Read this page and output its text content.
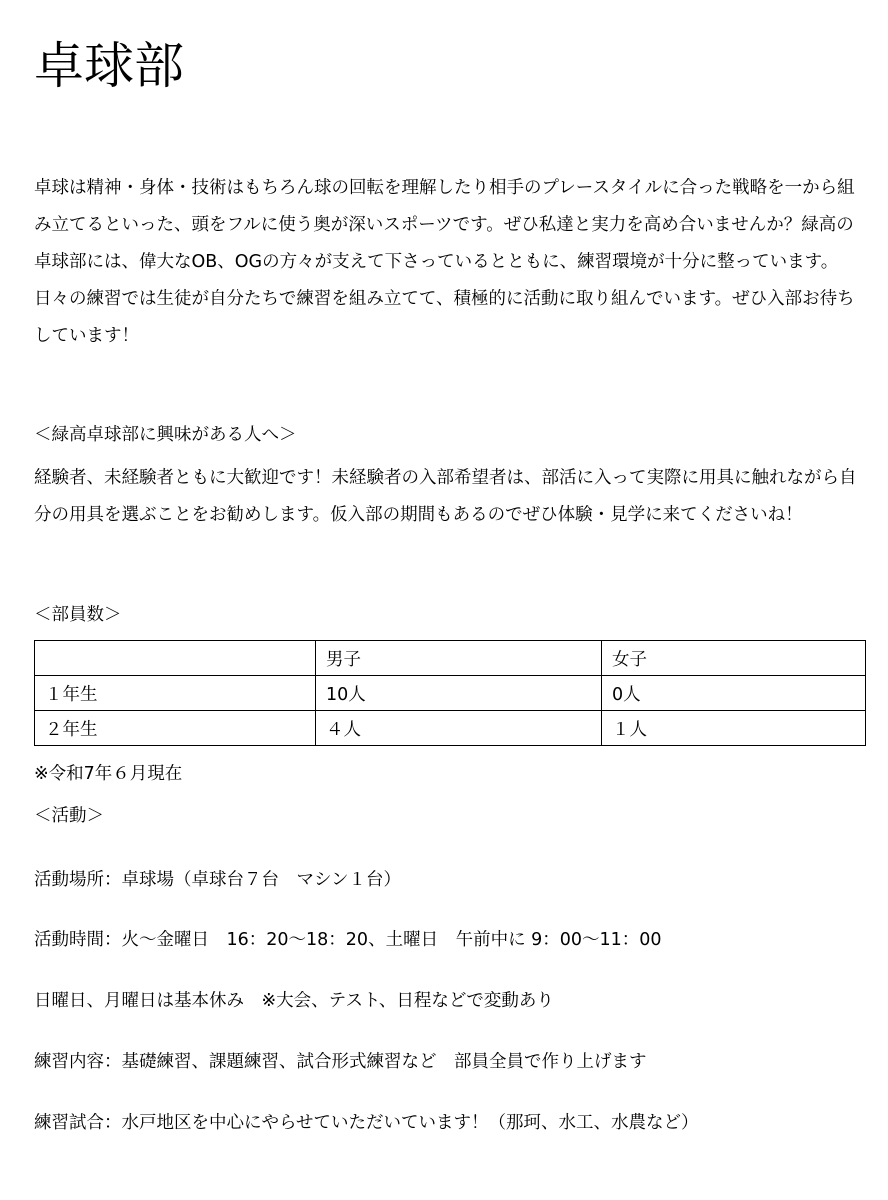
卓球部

卓球は精神・身体・技術はもちろん球の回転を理解したり相手のプレースタイルに合った戦略を一から組み立てるといった、頭をフルに使う奥が深いスポーツです。ぜひ私達と実力を高め合いませんか？緑高の卓球部には、偉大なOB、OGの方々が支えて下さっているとともに、練習環境が十分に整っています。日々の練習では生徒が自分たちで練習を組み立てて、積極的に活動に取り組んでいます。ぜひ入部お待ちしています！

＜緑高卓球部に興味がある人へ＞

経験者、未経験者ともに大歓迎です！未経験者の入部希望者は、部活に入って実際に用具に触れながら自分の用具を選ぶことをお勧めします。仮入部の期間もあるのでぜひ体験・見学に来てくださいね！

＜部員数＞

	男子	女子
１年生	10人	0人
２年生	４人	１人

※令和7年６月現在

＜活動＞

活動場所：卓球場（卓球台７台　マシン１台）

活動時間：火～金曜日　16：20～18：20、土曜日　午前中に 9：00～11：00

日曜日、月曜日は基本休み　※大会、テスト、日程などで変動あり

練習内容：基礎練習、課題練習、試合形式練習など　部員全員で作り上げます

練習試合：水戸地区を中心にやらせていただいています！（那珂、水工、水農など）
